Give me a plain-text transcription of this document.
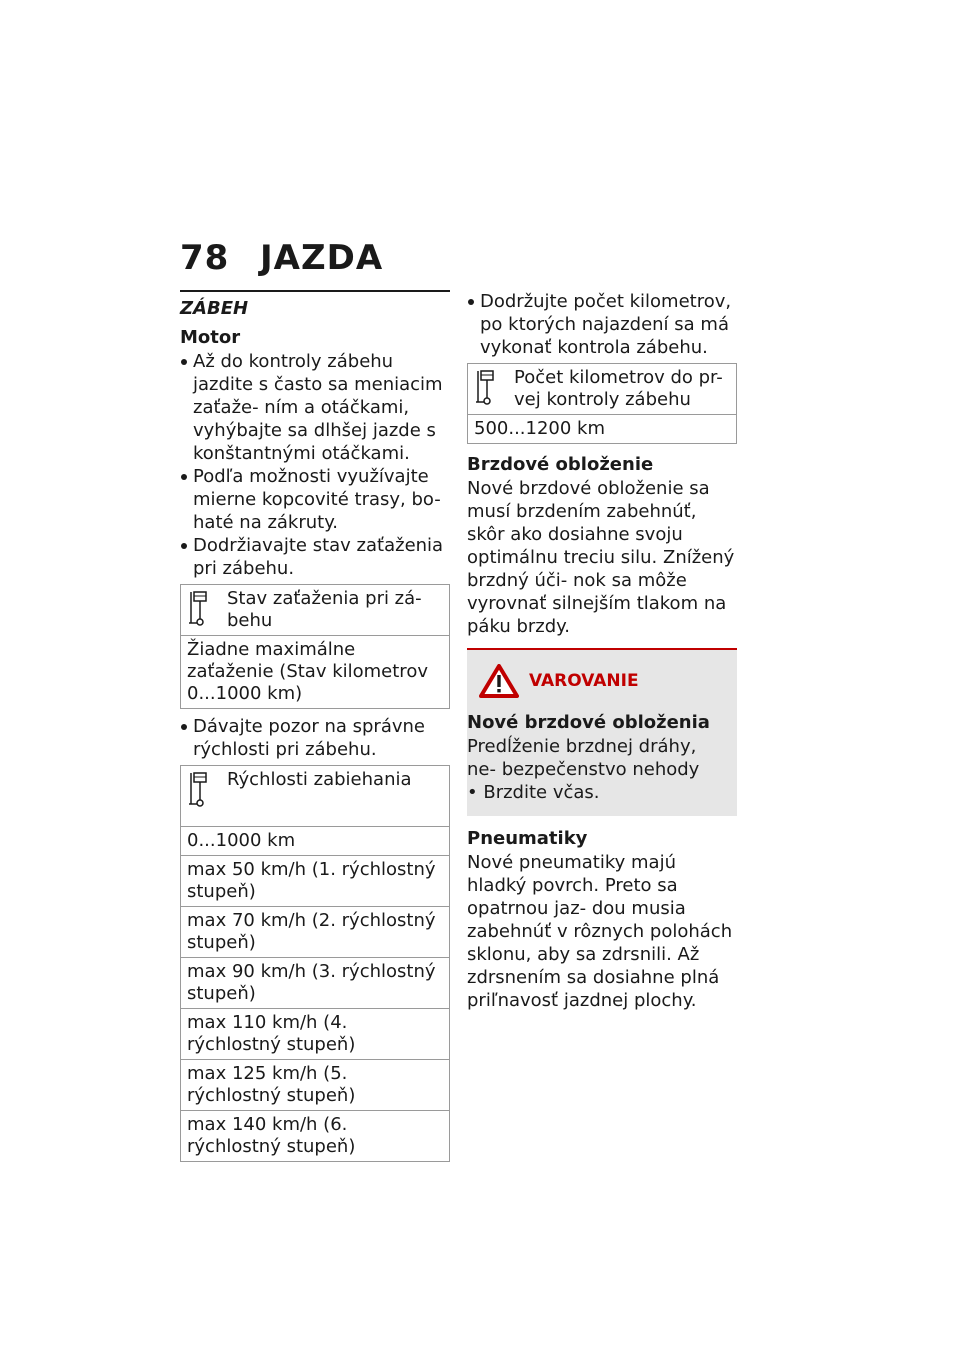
78 JAZDA
ZÁBEH
Motor
Až do kontroly zábehu jazdite s často sa meniacim zaťaže- ním a otáčkami, vyhýbajte sa dlhšej jazde s konštantnými otáčkami.
Podľa možnosti využívajte mierne kopcovité trasy, bo- haté na zákruty.
Dodržiavajte stav zaťaženia pri zábehu.
	Stav zaťaženia pri zá- behu
Žiadne maximálne zaťaženie (Stav kilometrov 0...1000 km)
Dávajte pozor na správne rýchlosti pri zábehu.
	Rýchlosti zabiehania
0...1000 km
max 50 km/h (1. rýchlostný stupeň)
max 70 km/h (2. rýchlostný stupeň)
max 90 km/h (3. rýchlostný stupeň)
max 110 km/h (4. rýchlostný stupeň)
max 125 km/h (5. rýchlostný stupeň)
max 140 km/h (6. rýchlostný stupeň)
Dodržujte počet kilometrov, po ktorých najazdení sa má vykonať kontrola zábehu.
	Počet kilometrov do pr- vej kontroly zábehu
500...1200 km
Brzdové obloženie

Nové brzdové obloženie sa musí brzdením zabehnúť, skôr ako dosiahne svoju optimálnu treciu silu. Znížený brzdný úči- nok sa môže vyrovnať silnejším tlakom na páku brzdy.

VAROVANIE
Nové brzdové obloženia

Predĺženie brzdnej dráhy, ne- bezpečenstvo nehody

• Brzdite včas.
Pneumatiky

Nové pneumatiky majú hladký povrch. Preto sa opatrnou jaz- dou musia zabehnúť v rôznych polohách sklonu, aby sa zdrsnili. Až zdrsnením sa dosiahne plná priľnavosť jazdnej plochy.
